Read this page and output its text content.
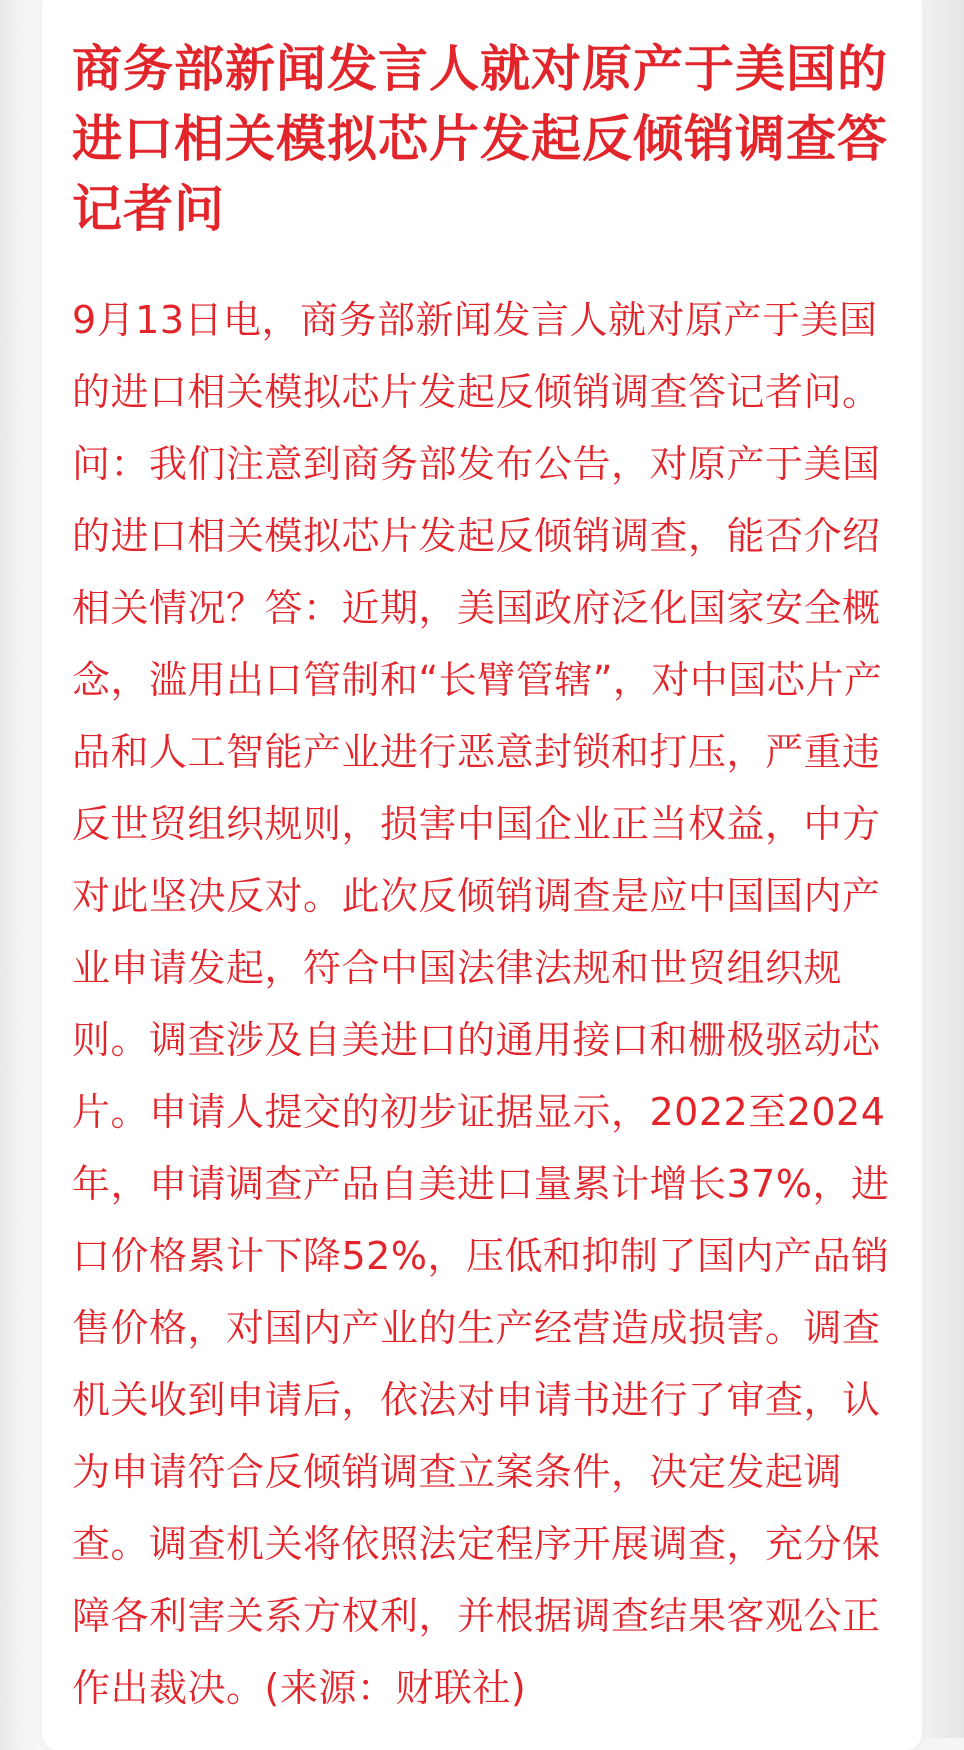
商务部新闻发言人就对原产于美国的进口相关模拟芯片发起反倾销调查答记者问

9月13日电，商务部新闻发言人就对原产于美国的进口相关模拟芯片发起反倾销调查答记者问。问：我们注意到商务部发布公告，对原产于美国的进口相关模拟芯片发起反倾销调查，能否介绍相关情况？答：近期，美国政府泛化国家安全概念，滥用出口管制和“长臂管辖”，对中国芯片产品和人工智能产业进行恶意封锁和打压，严重违反世贸组织规则，损害中国企业正当权益，中方对此坚决反对。此次反倾销调查是应中国国内产业申请发起，符合中国法律法规和世贸组织规则。调查涉及自美进口的通用接口和栅极驱动芯片。申请人提交的初步证据显示，2022至2024年，申请调查产品自美进口量累计增长37%，进口价格累计下降52%，压低和抑制了国内产品销售价格，对国内产业的生产经营造成损害。调查机关收到申请后，依法对申请书进行了审查，认为申请符合反倾销调查立案条件，决定发起调查。调查机关将依照法定程序开展调查，充分保障各利害关系方权利，并根据调查结果客观公正作出裁决。(来源：财联社)
